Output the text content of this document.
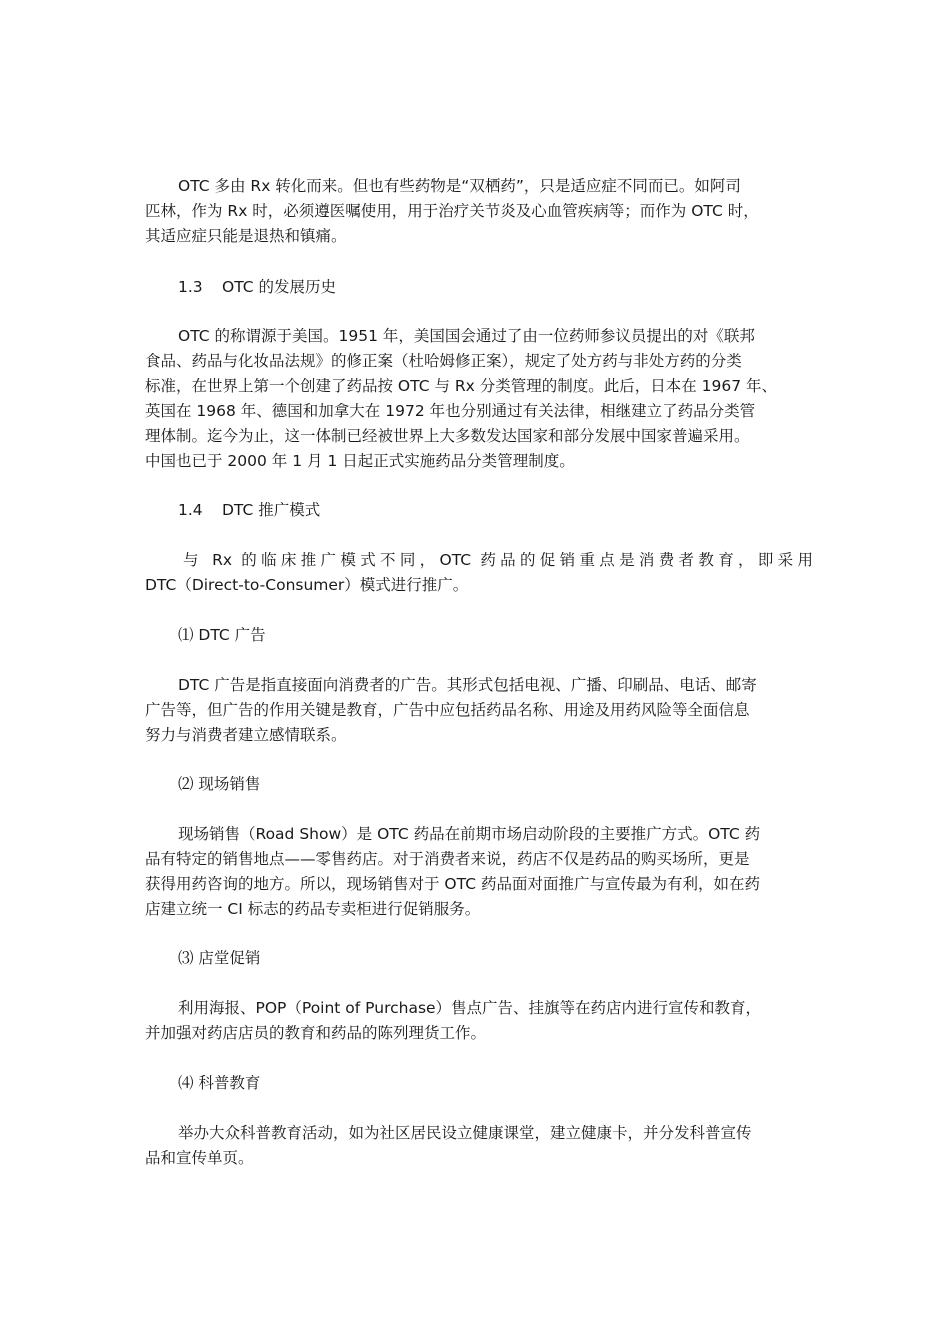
OTC 多由 Rx 转化而来。但也有些药物是“双栖药”，只是适应症不同而已。如阿司
匹林，作为 Rx 时，必须遵医嘱使用，用于治疗关节炎及心血管疾病等；而作为 OTC 时，
其适应症只能是退热和镇痛。
1.3 OTC 的发展历史
OTC 的称谓源于美国。1951 年，美国国会通过了由一位药师参议员提出的对《联邦
食品、药品与化妆品法规》的修正案（杜哈姆修正案），规定了处方药与非处方药的分类
标准，在世界上第一个创建了药品按 OTC 与 Rx 分类管理的制度。此后，日本在 1967 年、
英国在 1968 年、德国和加拿大在 1972 年也分别通过有关法律，相继建立了药品分类管
理体制。迄今为止，这一体制已经被世界上大多数发达国家和部分发展中国家普遍采用。
中国也已于 2000 年 1 月 1 日起正式实施药品分类管理制度。
1.4 DTC 推广模式
与 Rx 的临床推广模式不同，OTC 药品的促销重点是消费者教育，即采用
DTC（Direct-to-Consumer）模式进行推广。
⑴ DTC 广告
DTC 广告是指直接面向消费者的广告。其形式包括电视、广播、印刷品、电话、邮寄
广告等，但广告的作用关键是教育，广告中应包括药品名称、用途及用药风险等全面信息
努力与消费者建立感情联系。
⑵ 现场销售
现场销售（Road Show）是 OTC 药品在前期市场启动阶段的主要推广方式。OTC 药
品有特定的销售地点——零售药店。对于消费者来说，药店不仅是药品的购买场所，更是
获得用药咨询的地方。所以，现场销售对于 OTC 药品面对面推广与宣传最为有利，如在药
店建立统一 CI 标志的药品专卖柜进行促销服务。
⑶ 店堂促销
利用海报、POP（Point of Purchase）售点广告、挂旗等在药店内进行宣传和教育，
并加强对药店店员的教育和药品的陈列理货工作。
⑷ 科普教育
举办大众科普教育活动，如为社区居民设立健康课堂，建立健康卡，并分发科普宣传
品和宣传单页。
